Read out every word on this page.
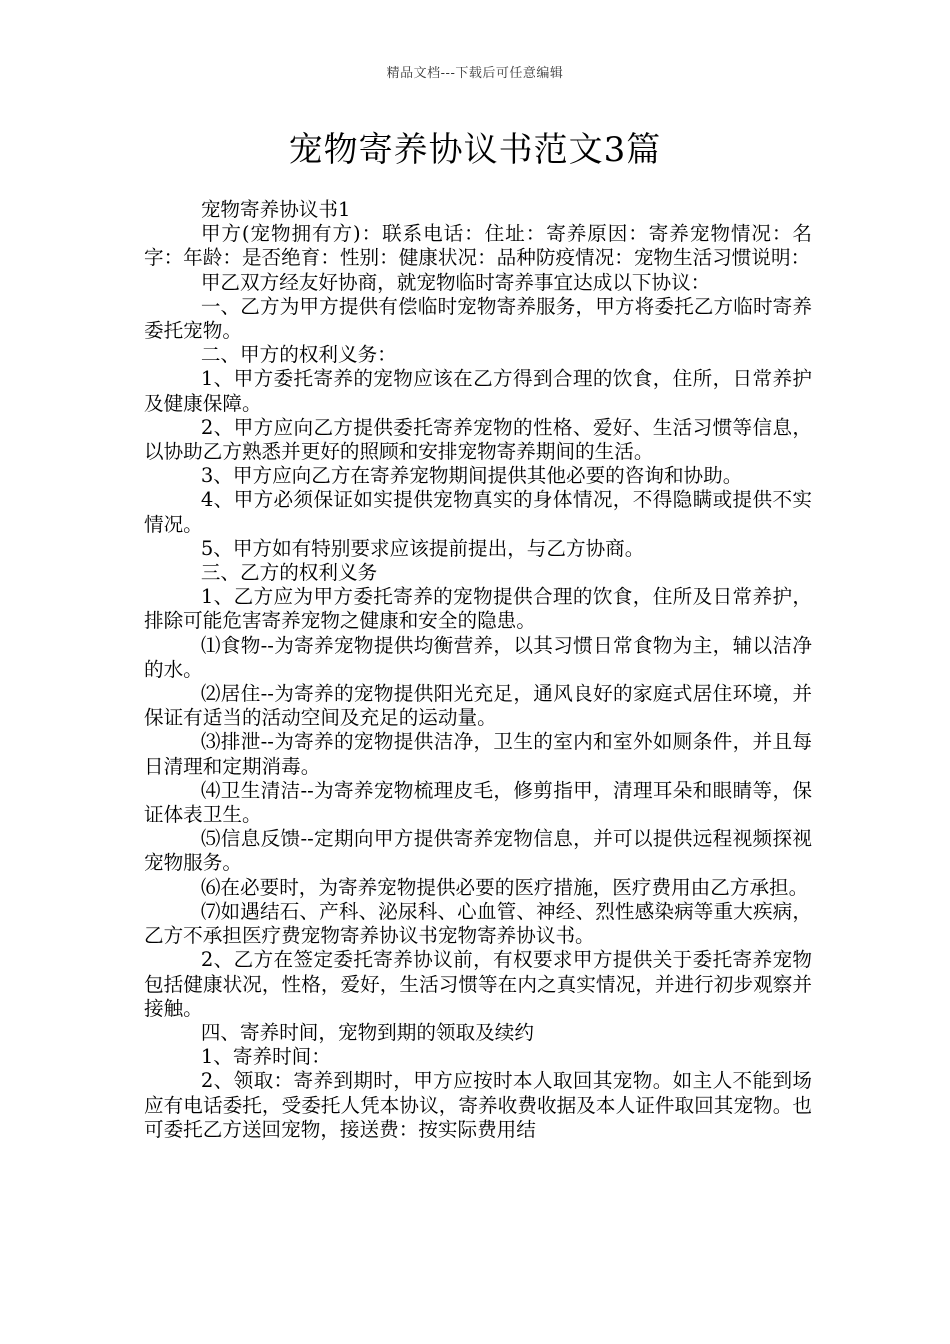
精品文档---下载后可任意编辑
宠物寄养协议书范文3篇

宠物寄养协议书1

甲方(宠物拥有方)：联系电话：住址：寄养原因：寄养宠物情况：名字：年龄：是否绝育：性别：健康状况：品种防疫情况：宠物生活习惯说明：

甲乙双方经友好协商，就宠物临时寄养事宜达成以下协议：

一、乙方为甲方提供有偿临时宠物寄养服务，甲方将委托乙方临时寄养委托宠物。

二、甲方的权利义务：

1、甲方委托寄养的宠物应该在乙方得到合理的饮食，住所，日常养护及健康保障。

2、甲方应向乙方提供委托寄养宠物的性格、爱好、生活习惯等信息，以协助乙方熟悉并更好的照顾和安排宠物寄养期间的生活。

3、甲方应向乙方在寄养宠物期间提供其他必要的咨询和协助。

4、甲方必须保证如实提供宠物真实的身体情况，不得隐瞒或提供不实情况。

5、甲方如有特别要求应该提前提出，与乙方协商。

三、乙方的权利义务

1、乙方应为甲方委托寄养的宠物提供合理的饮食，住所及日常养护，排除可能危害寄养宠物之健康和安全的隐患。

⑴食物--为寄养宠物提供均衡营养，以其习惯日常食物为主，辅以洁净的水。

⑵居住--为寄养的宠物提供阳光充足，通风良好的家庭式居住环境，并保证有适当的活动空间及充足的运动量。

⑶排泄--为寄养的宠物提供洁净，卫生的室内和室外如厕条件，并且每日清理和定期消毒。

⑷卫生清洁--为寄养宠物梳理皮毛，修剪指甲，清理耳朵和眼睛等，保证体表卫生。

⑸信息反馈--定期向甲方提供寄养宠物信息，并可以提供远程视频探视宠物服务。

⑹在必要时，为寄养宠物提供必要的医疗措施，医疗费用由乙方承担。

⑺如遇结石、产科、泌尿科、心血管、神经、烈性感染病等重大疾病，乙方不承担医疗费宠物寄养协议书宠物寄养协议书。

2、乙方在签定委托寄养协议前，有权要求甲方提供关于委托寄养宠物包括健康状况，性格，爱好，生活习惯等在内之真实情况，并进行初步观察并接触。

四、寄养时间，宠物到期的领取及续约

1、寄养时间：

2、领取：寄养到期时，甲方应按时本人取回其宠物。如主人不能到场应有电话委托，受委托人凭本协议，寄养收费收据及本人证件取回其宠物。也可委托乙方送回宠物，接送费：按实际费用结
